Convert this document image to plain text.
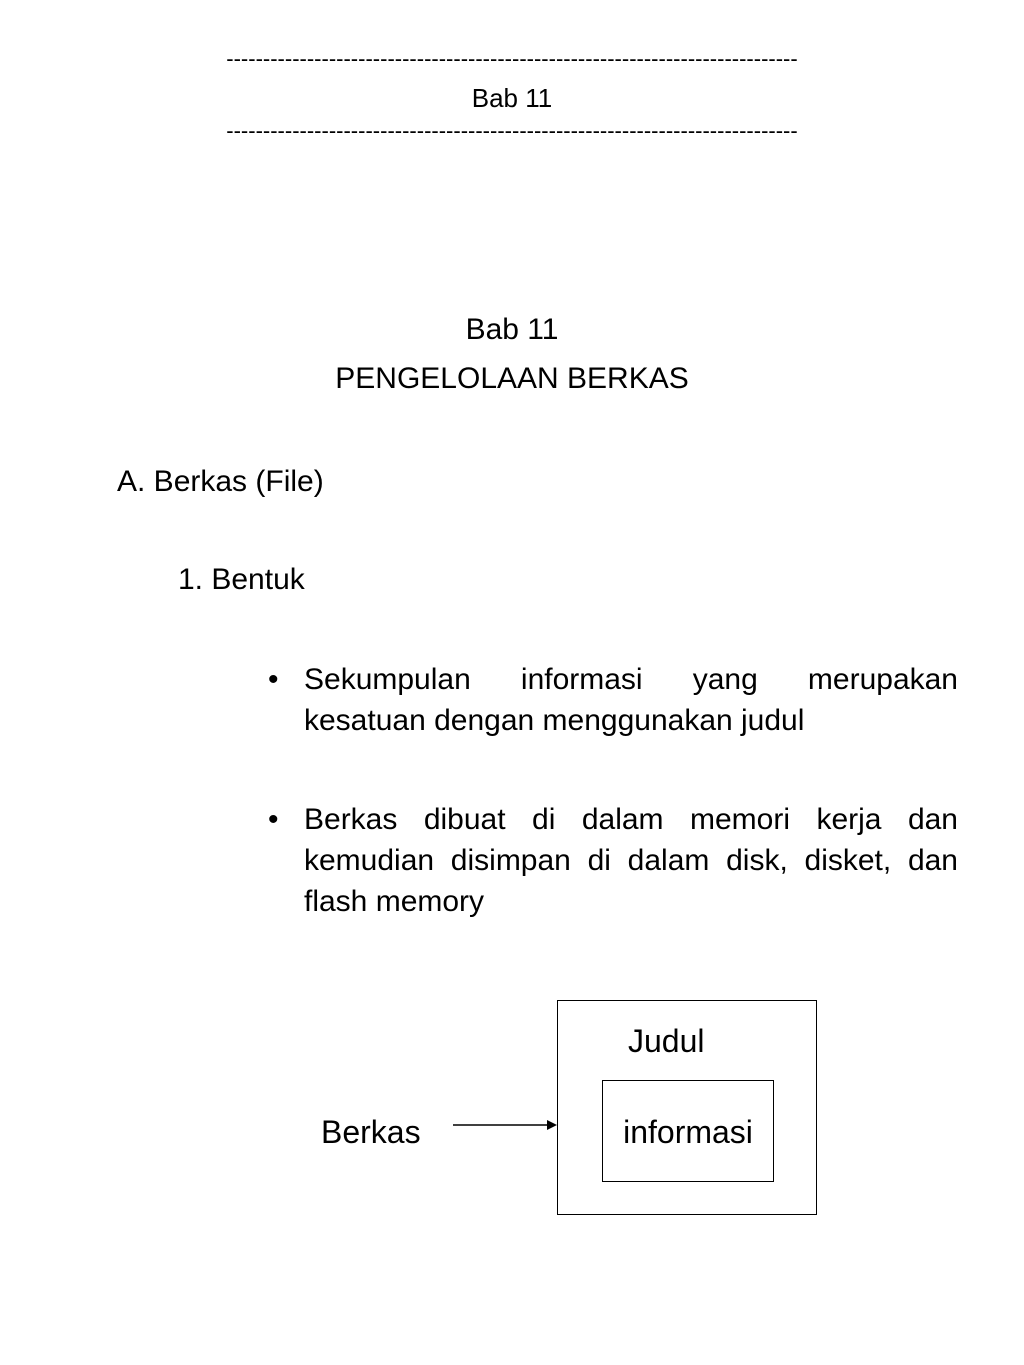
------------------------------------------------------------------------------
Bab 11
------------------------------------------------------------------------------
Bab 11
PENGELOLAAN BERKAS
A. Berkas (File)
1. Bentuk
• Sekumpulan informasi yang merupakan kesatuan dengan menggunakan judul
• Berkas dibuat di dalam memori kerja dan kemudian disimpan di dalam disk, disket, dan flash memory
Judul
informasi
Berkas
